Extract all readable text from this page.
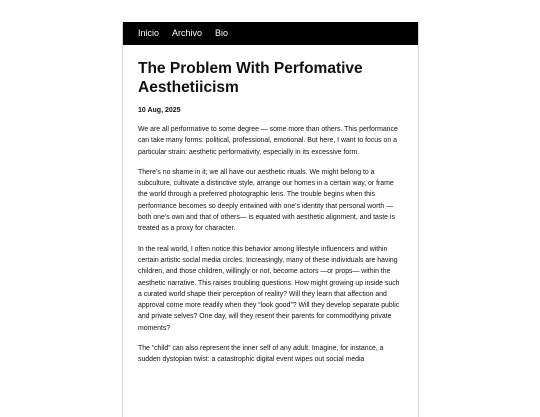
Inicio Archivo Bio
The Problem With Perfomative Aesthetiicism

10 Aug, 2025

We are all performative to some degree — some more than others. This performance can take many forms: political, professional, emotional. But here, I want to focus on a particular strain: aesthetic performativity, especially in its excessive form.

There’s no shame in it; we all have our aesthetic rituals. We might belong to a subculture, cultivate a distinctive style, arrange our homes in a certain way, or frame the world through a preferred photographic lens. The trouble begins when this performance becomes so deeply entwined with one’s identity that personal worth —both one’s own and that of others— is equated with aesthetic alignment, and taste is treated as a proxy for character.

In the real world, I often notice this behavior among lifestyle influencers and within certain artistic social media circles. Increasingly, many of these individuals are having children, and those children, willingly or not, become actors —or props— within the aesthetic narrative. This raises troubling questions. How might growing up inside such a curated world shape their perception of reality? Will they learn that affection and approval come more readily when they “look good”? Will they develop separate public and private selves? One day, will they resent their parents for commodifying private moments?

The “child” can also represent the inner self of any adult. Imagine, for instance, a sudden dystopian twist: a catastrophic digital event wipes out social media
